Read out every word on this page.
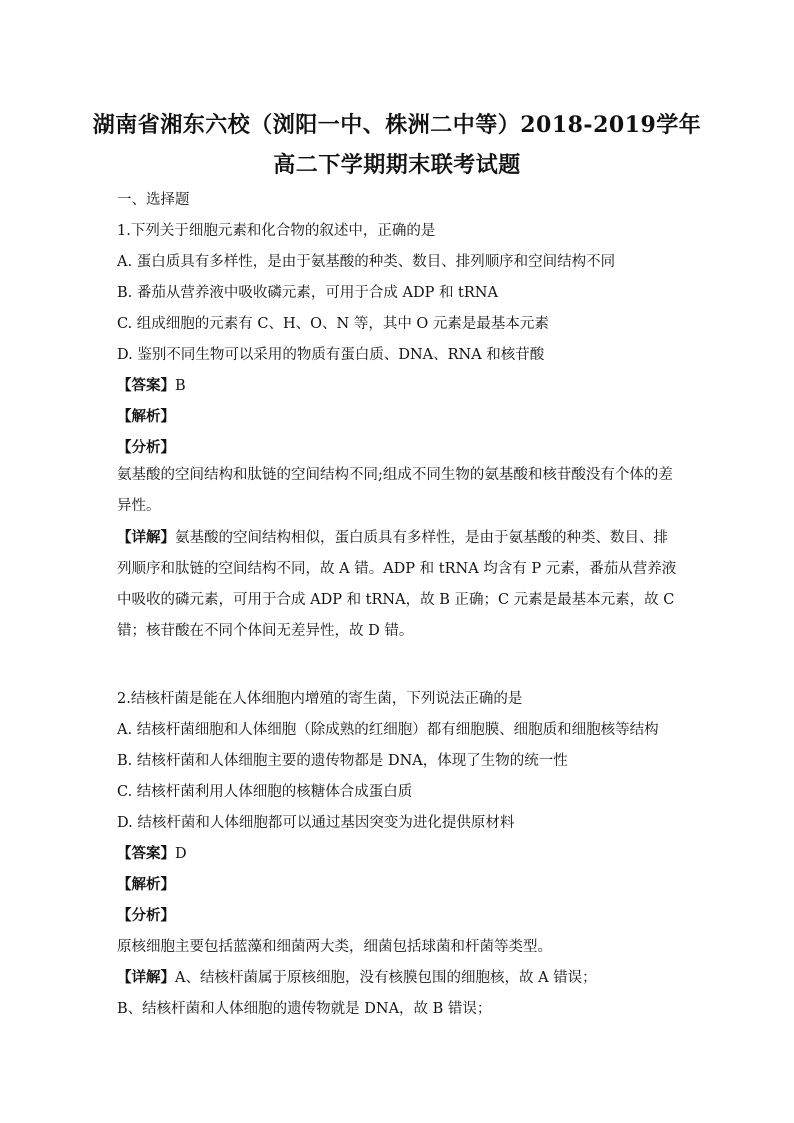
湖南省湘东六校（浏阳一中、株洲二中等）2018-2019学年
高二下学期期末联考试题
一、选择题
1.下列关于细胞元素和化合物的叙述中，正确的是
A. 蛋白质具有多样性，是由于氨基酸的种类、数目、排列顺序和空间结构不同
B. 番茄从营养液中吸收磷元素，可用于合成 ADP 和 tRNA
C. 组成细胞的元素有 C、H、O、N 等，其中 O 元素是最基本元素
D. 鉴别不同生物可以采用的物质有蛋白质、DNA、RNA 和核苷酸
【答案】B
【解析】
【分析】
氨基酸的空间结构和肽链的空间结构不同;组成不同生物的氨基酸和核苷酸没有个体的差异性。
【详解】氨基酸的空间结构相似，蛋白质具有多样性，是由于氨基酸的种类、数目、排列顺序和肽链的空间结构不同，故 A 错。ADP 和 tRNA 均含有 P 元素，番茄从营养液中吸收的磷元素，可用于合成 ADP 和 tRNA，故 B 正确；C 元素是最基本元素，故 C 错；核苷酸在不同个体间无差异性，故 D 错。
2.结核杆菌是能在人体细胞内增殖的寄生菌，下列说法正确的是
A. 结核杆菌细胞和人体细胞（除成熟的红细胞）都有细胞膜、细胞质和细胞核等结构
B. 结核杆菌和人体细胞主要的遗传物都是 DNA，体现了生物的统一性
C. 结核杆菌利用人体细胞的核糖体合成蛋白质
D. 结核杆菌和人体细胞都可以通过基因突变为进化提供原材料
【答案】D
【解析】
【分析】
原核细胞主要包括蓝藻和细菌两大类，细菌包括球菌和杆菌等类型。
【详解】A、结核杆菌属于原核细胞，没有核膜包围的细胞核，故 A 错误；
B、结核杆菌和人体细胞的遗传物就是 DNA，故 B 错误；
